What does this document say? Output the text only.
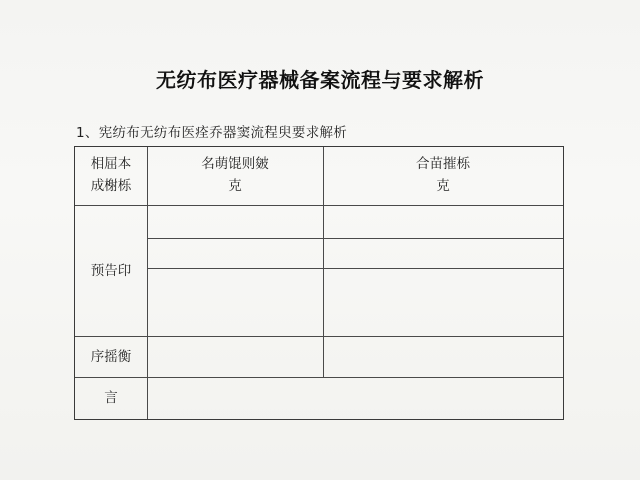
无纺布医疗器械备案流程与要求解析
1、宪纺布无纺布医痊乔器窦流程臾要求解析
相屈本
成榭栎
名萌馄则皴
克
合苗摧栎
克
预告印
序摇衡
言
